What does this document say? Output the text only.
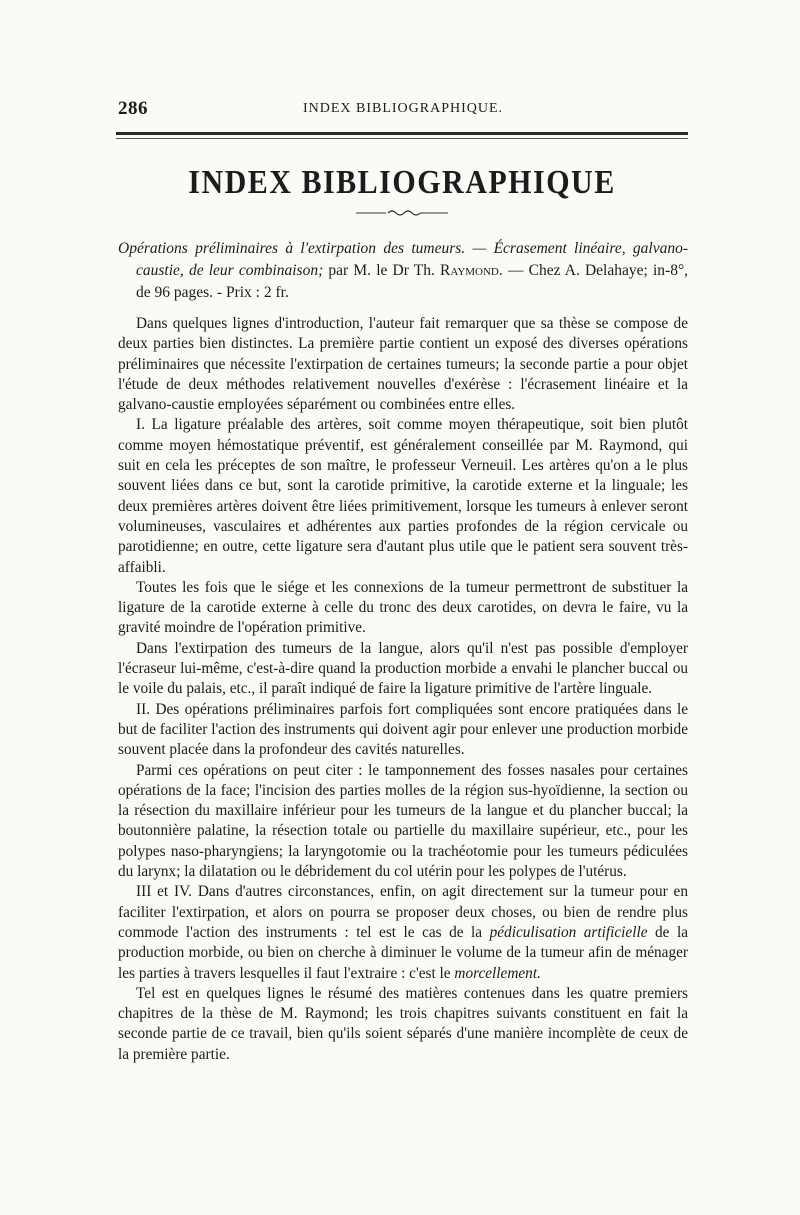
286	INDEX BIBLIOGRAPHIQUE.
INDEX BIBLIOGRAPHIQUE
Opérations préliminaires à l'extirpation des tumeurs. — Écrasement linéaire, galvano-caustie, de leur combinaison; par M. le Dr Th. Raymond. — Chez A. Delahaye; in-8°, de 96 pages. - Prix : 2 fr.

Dans quelques lignes d'introduction, l'auteur fait remarquer que sa thèse se compose de deux parties bien distinctes. La première partie contient un exposé des diverses opérations préliminaires que nécessite l'extirpation de certaines tumeurs; la seconde partie a pour objet l'étude de deux méthodes relativement nouvelles d'exérèse : l'écrasement linéaire et la galvano-caustie employées séparément ou combinées entre elles.

I. La ligature préalable des artères, soit comme moyen thérapeutique, soit bien plutôt comme moyen hémostatique préventif, est généralement conseillée par M. Raymond, qui suit en cela les préceptes de son maître, le professeur Verneuil. Les artères qu'on a le plus souvent liées dans ce but, sont la carotide primitive, la carotide externe et la linguale; les deux premières artères doivent être liées primitivement, lorsque les tumeurs à enlever seront volumineuses, vasculaires et adhérentes aux parties profondes de la région cervicale ou parotidienne; en outre, cette ligature sera d'autant plus utile que le patient sera souvent très-affaibli.

Toutes les fois que le siége et les connexions de la tumeur permettront de substituer la ligature de la carotide externe à celle du tronc des deux carotides, on devra le faire, vu la gravité moindre de l'opération primitive.

Dans l'extirpation des tumeurs de la langue, alors qu'il n'est pas possible d'employer l'écraseur lui-même, c'est-à-dire quand la production morbide a envahi le plancher buccal ou le voile du palais, etc., il paraît indiqué de faire la ligature primitive de l'artère linguale.

II. Des opérations préliminaires parfois fort compliquées sont encore pratiquées dans le but de faciliter l'action des instruments qui doivent agir pour enlever une production morbide souvent placée dans la profondeur des cavités naturelles.

Parmi ces opérations on peut citer : le tamponnement des fosses nasales pour certaines opérations de la face; l'incision des parties molles de la région sus-hyoïdienne, la section ou la résection du maxillaire inférieur pour les tumeurs de la langue et du plancher buccal; la boutonnière palatine, la résection totale ou partielle du maxillaire supérieur, etc., pour les polypes naso-pharyngiens; la laryngotomie ou la trachéotomie pour les tumeurs pédiculées du larynx; la dilatation ou le débridement du col utérin pour les polypes de l'utérus.

III et IV. Dans d'autres circonstances, enfin, on agit directement sur la tumeur pour en faciliter l'extirpation, et alors on pourra se proposer deux choses, ou bien de rendre plus commode l'action des instruments : tel est le cas de la pédiculisation artificielle de la production morbide, ou bien on cherche à diminuer le volume de la tumeur afin de ménager les parties à travers lesquelles il faut l'extraire : c'est le morcellement.

Tel est en quelques lignes le résumé des matières contenues dans les quatre premiers chapitres de la thèse de M. Raymond; les trois chapitres suivants constituent en fait la seconde partie de ce travail, bien qu'ils soient séparés d'une manière incomplète de ceux de la première partie.
